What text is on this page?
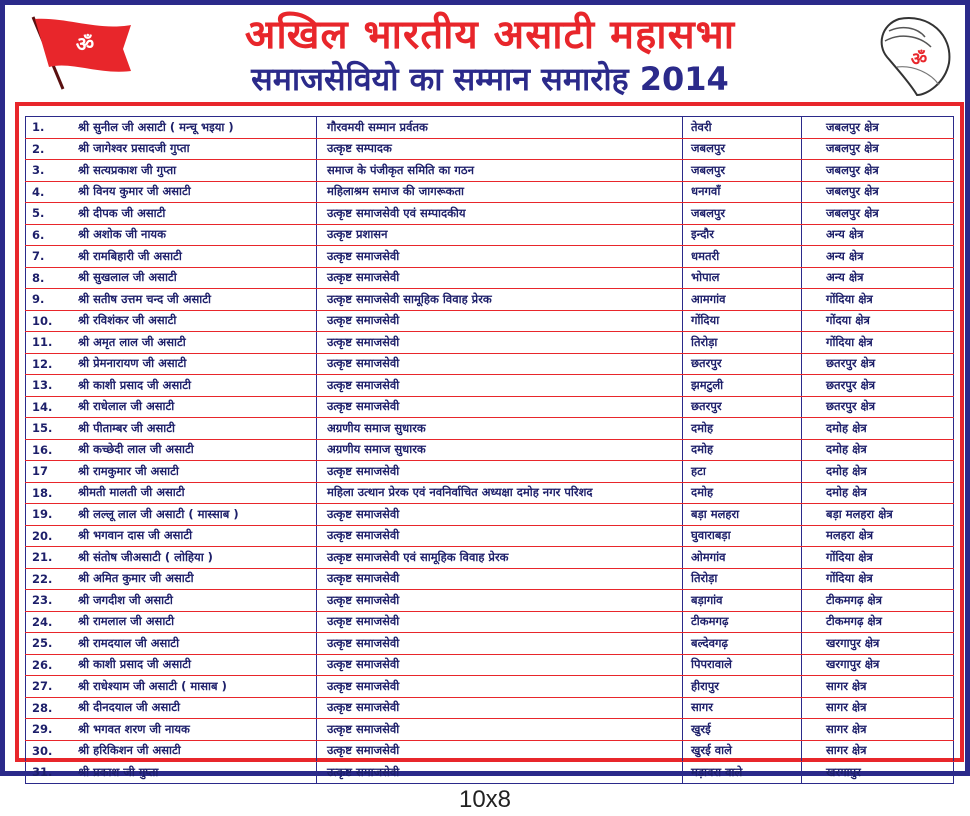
ॐ	अखिल भारतीय असाटी महासभा
समाजसेवियो का सम्मान समारोह 2014
ॐ
1.	श्री सुनील जी असाटी ( मन्चू भइया )	गौरवमयी सम्मान प्रर्वतक	तेवरी	जबलपुर क्षेत्र
2.	श्री जागेश्वर प्रसादजी गुप्ता	उत्कृष्ट सम्पादक	जबलपुर	जबलपुर क्षेत्र
3.	श्री सत्यप्रकाश जी गुप्ता	समाज के पंजीकृत समिति का गठन	जबलपुर	जबलपुर क्षेत्र
4.	श्री विनय कुमार जी असाटी	महिलाश्रम समाज की जागरूकता	धनगवाँ	जबलपुर क्षेत्र
5.	श्री दीपक जी असाटी	उत्कृष्ट समाजसेवी एवं सम्पादकीय	जबलपुर	जबलपुर क्षेत्र
6.	श्री अशोक जी नायक	उत्कृष्ट प्रशासन	इन्दौर	अन्य क्षेत्र
7.	श्री रामबिहारी जी असाटी	उत्कृष्ट समाजसेवी	धमतरी	अन्य क्षेत्र
8.	श्री सुखलाल जी असाटी	उत्कृष्ट समाजसेवी	भोपाल	अन्य क्षेत्र
9.	श्री सतीष उत्तम चन्द जी असाटी	उत्कृष्ट समाजसेवी सामूहिक विवाह प्रेरक	आमगांव	गोंदिया क्षेत्र
10.	श्री रविशंकर जी असाटी	उत्कृष्ट समाजसेवी	गोंदिया	गोंदया क्षेत्र
11.	श्री अमृत लाल जी असाटी	उत्कृष्ट समाजसेवी	तिरोड़ा	गोंदिया क्षेत्र
12.	श्री प्रेमनारायण जी असाटी	उत्कृष्ट समाजसेवी	छतरपुर	छतरपुर क्षेत्र
13.	श्री काशी प्रसाद जी असाटी	उत्कृष्ट समाजसेवी	झमटुली	छतरपुर क्षेत्र
14.	श्री राधेलाल जी असाटी	उत्कृष्ट समाजसेवी	छतरपुर	छतरपुर क्षेत्र
15.	श्री पीताम्बर जी असाटी	अग्रणीय समाज सुधारक	दमोह	दमोह क्षेत्र
16.	श्री कच्छेदी लाल जी असाटी	अग्रणीय समाज सुधारक	दमोह	दमोह क्षेत्र
17	श्री रामकुमार जी असाटी	उत्कृष्ट समाजसेवी	हटा	दमोह क्षेत्र
18.	श्रीमती मालती जी असाटी	महिला उत्थान प्रेरक एवं नवनिर्वाचित अध्यक्षा दमोह नगर परिशद	दमोह	दमोह क्षेत्र
19.	श्री लल्लू लाल जी असाटी ( मास्साब )	उत्कृष्ट समाजसेवी	बड़ा मलहरा	बड़ा मलहरा क्षेत्र
20.	श्री भगवान दास जी असाटी	उत्कृष्ट समाजसेवी	घुवाराबड़ा	मलहरा क्षेत्र
21.	श्री संतोष जीअसाटी ( लोहिया )	उत्कृष्ट समाजसेवी एवं सामूहिक विवाह प्रेरक	ओमगांव	गोंदिया क्षेत्र
22.	श्री अमित कुमार जी असाटी	उत्कृष्ट समाजसेवी	तिरोड़ा	गोंदिया क्षेत्र
23.	श्री जगदीश जी असाटी	उत्कृष्ट समाजसेवी	बड़ागांव	टीकमगढ़ क्षेत्र
24.	श्री रामलाल जी असाटी	उत्कृष्ट समाजसेवी	टीकमगढ़	टीकमगढ़ क्षेत्र
25.	श्री रामदयाल जी असाटी	उत्कृष्ट समाजसेवी	बल्देवगढ़	खरगापुर क्षेत्र
26.	श्री काशी प्रसाद जी असाटी	उत्कृष्ट समाजसेवी	पिपरावाले	खरगापुर क्षेत्र
27.	श्री राधेश्याम जी असाटी ( मासाब )	उत्कृष्ट समाजसेवी	हीरापुर	सागर क्षेत्र
28.	श्री दीनदयाल जी असाटी	उत्कृष्ट समाजसेवी	सागर	सागर क्षेत्र
29.	श्री भगवत शरण जी नायक	उत्कृष्ट समाजसेवी	खुरई	सागर क्षेत्र
30.	श्री हरिकिशन जी असाटी	उत्कृष्ट समाजसेवी	खुरई वाले	सागर क्षेत्र
31.	श्री प्रकाश जी गुप्ता	उत्कृष्ट समाजसेवी	मड़ावरा वाले	खरगापुर
10x8
